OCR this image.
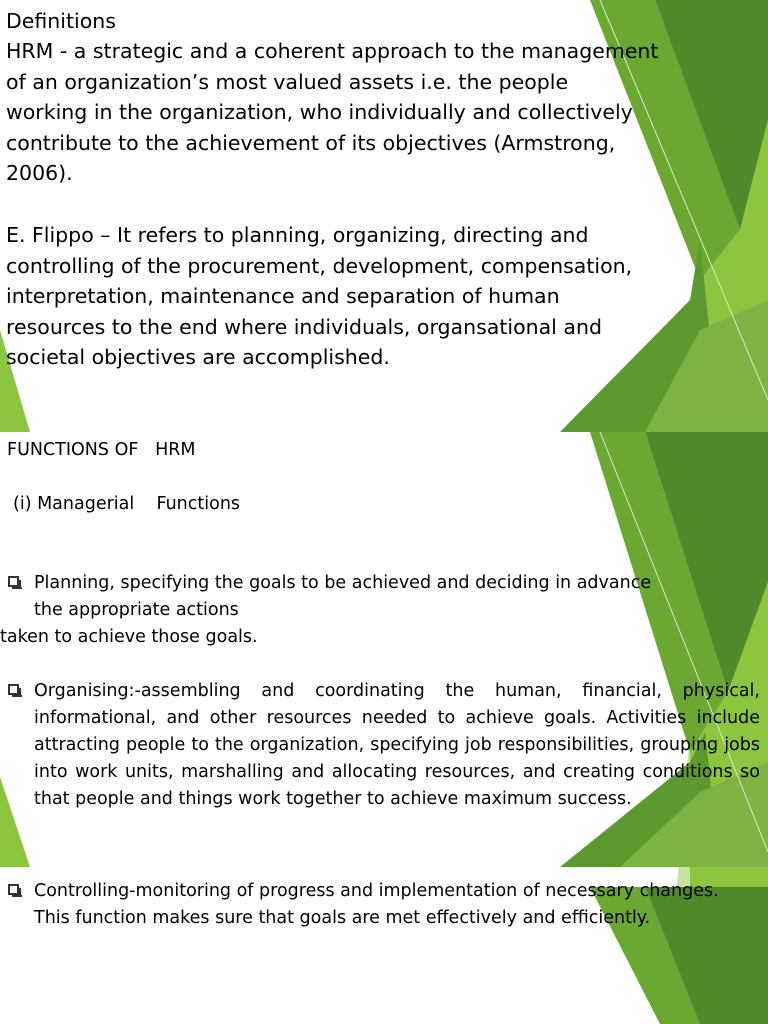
Definitions

HRM - a strategic and a coherent approach to the management
of an organization’s most valued assets i.e. the people
working in the organization, who individually and collectively
contribute to the achievement of its objectives (Armstrong,
2006).

E. Flippo – It refers to planning, organizing, directing and
controlling of the procurement, development, compensation,
interpretation, maintenance and separation of human
resources to the end where individuals, organsational and
societal objectives are accomplished.

FUNCTIONS OF   HRM

(i) Managerial    Functions

Planning, specifying the goals to be achieved and deciding in advance
the appropriate actions
taken to achieve those goals.
Organising:-assembling and coordinating the human, financial, physical, informational, and other resources needed to achieve goals. Activities include attracting people to the organization, specifying job responsibilities, grouping jobs into work units, marshalling and allocating resources, and creating conditions so that people and things work together to achieve maximum success.
Controlling-monitoring of progress and implementation of necessary changes. This function makes sure that goals are met effectively and efficiently.
